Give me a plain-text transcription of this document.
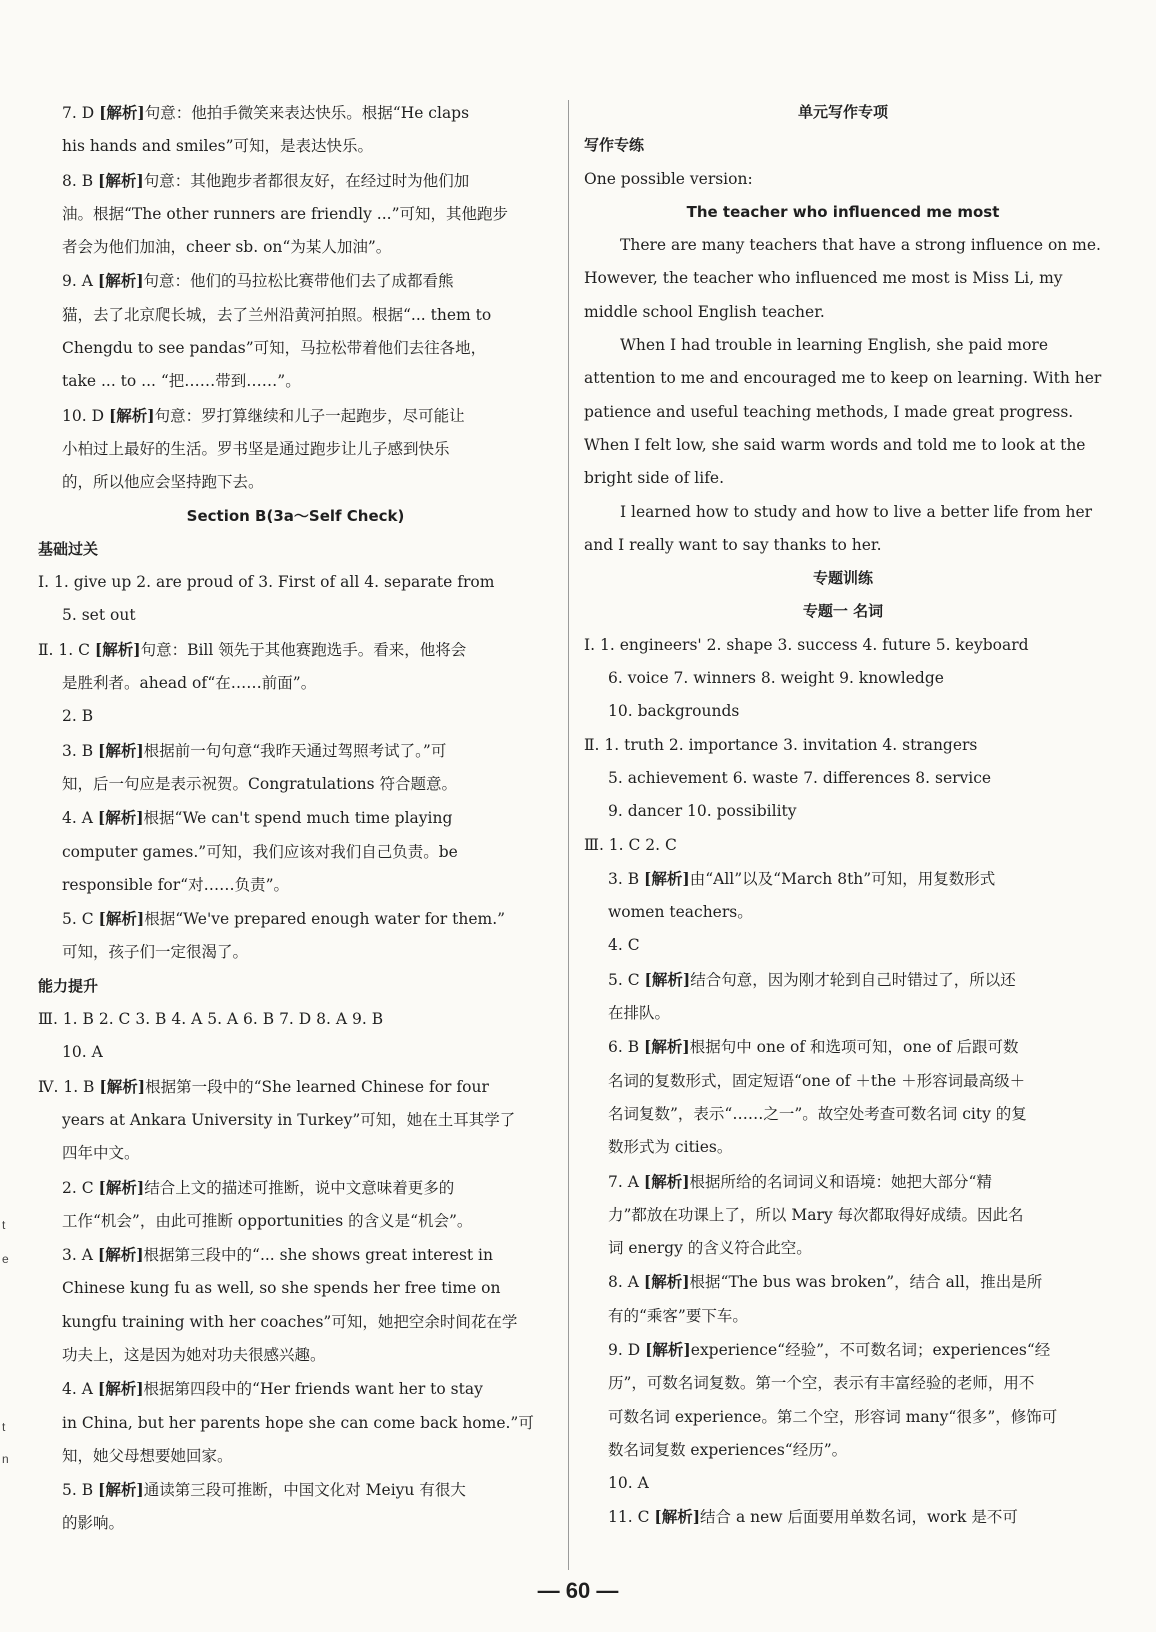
7. D [解析]句意：他拍手微笑来表达快乐。根据“He claps

his hands and smiles”可知，是表达快乐。

8. B [解析]句意：其他跑步者都很友好，在经过时为他们加

油。根据“The other runners are friendly ...”可知，其他跑步

者会为他们加油，cheer sb. on“为某人加油”。

9. A [解析]句意：他们的马拉松比赛带他们去了成都看熊

猫，去了北京爬长城，去了兰州沿黄河拍照。根据“... them to

Chengdu to see pandas”可知，马拉松带着他们去往各地，

take ... to ... “把……带到……”。

10. D [解析]句意：罗打算继续和儿子一起跑步，尽可能让

小柏过上最好的生活。罗书坚是通过跑步让儿子感到快乐

的，所以他应会坚持跑下去。

Section B(3a～Self Check)

基础过关

Ⅰ. 1. give up 2. are proud of 3. First of all 4. separate from

5. set out

Ⅱ. 1. C [解析]句意：Bill 领先于其他赛跑选手。看来，他将会

是胜利者。ahead of“在……前面”。

2. B

3. B [解析]根据前一句句意“我昨天通过驾照考试了。”可

知，后一句应是表示祝贺。Congratulations 符合题意。

4. A [解析]根据“We can't spend much time playing

computer games.”可知，我们应该对我们自己负责。be

responsible for“对……负责”。

5. C [解析]根据“We've prepared enough water for them.”

可知，孩子们一定很渴了。

能力提升

Ⅲ. 1. B 2. C 3. B 4. A 5. A 6. B 7. D 8. A 9. B

10. A

Ⅳ. 1. B [解析]根据第一段中的“She learned Chinese for four

years at Ankara University in Turkey”可知，她在土耳其学了

四年中文。

2. C [解析]结合上文的描述可推断，说中文意味着更多的

工作“机会”，由此可推断 opportunities 的含义是“机会”。

3. A [解析]根据第三段中的“... she shows great interest in

Chinese kung fu as well, so she spends her free time on

kungfu training with her coaches”可知，她把空余时间花在学

功夫上，这是因为她对功夫很感兴趣。

4. A [解析]根据第四段中的“Her friends want her to stay

in China, but her parents hope she can come back home.”可

知，她父母想要她回家。

5. B [解析]通读第三段可推断，中国文化对 Meiyu 有很大

的影响。

单元写作专项

写作专练

One possible version:

The teacher who influenced me most

There are many teachers that have a strong influence on me.

However, the teacher who influenced me most is Miss Li, my

middle school English teacher.

When I had trouble in learning English, she paid more

attention to me and encouraged me to keep on learning. With her

patience and useful teaching methods, I made great progress.

When I felt low, she said warm words and told me to look at the

bright side of life.

I learned how to study and how to live a better life from her

and I really want to say thanks to her.

专题训练

专题一 名词

Ⅰ. 1. engineers' 2. shape 3. success 4. future 5. keyboard

6. voice 7. winners 8. weight 9. knowledge

10. backgrounds

Ⅱ. 1. truth 2. importance 3. invitation 4. strangers

5. achievement 6. waste 7. differences 8. service

9. dancer 10. possibility

Ⅲ. 1. C 2. C

3. B [解析]由“All”以及“March 8th”可知，用复数形式

women teachers。

4. C

5. C [解析]结合句意，因为刚才轮到自己时错过了，所以还

在排队。

6. B [解析]根据句中 one of 和选项可知，one of 后跟可数

名词的复数形式，固定短语“one of ＋the ＋形容词最高级＋

名词复数”，表示“……之一”。故空处考查可数名词 city 的复

数形式为 cities。

7. A [解析]根据所给的名词词义和语境：她把大部分“精

力”都放在功课上了，所以 Mary 每次都取得好成绩。因此名

词 energy 的含义符合此空。

8. A [解析]根据“The bus was broken”，结合 all，推出是所

有的“乘客”要下车。

9. D [解析]experience“经验”，不可数名词；experiences“经

历”，可数名词复数。第一个空，表示有丰富经验的老师，用不

可数名词 experience。第二个空，形容词 many“很多”，修饰可

数名词复数 experiences“经历”。

10. A

11. C [解析]结合 a new 后面要用单数名词，work 是不可

t
e
t
n
— 60 —
